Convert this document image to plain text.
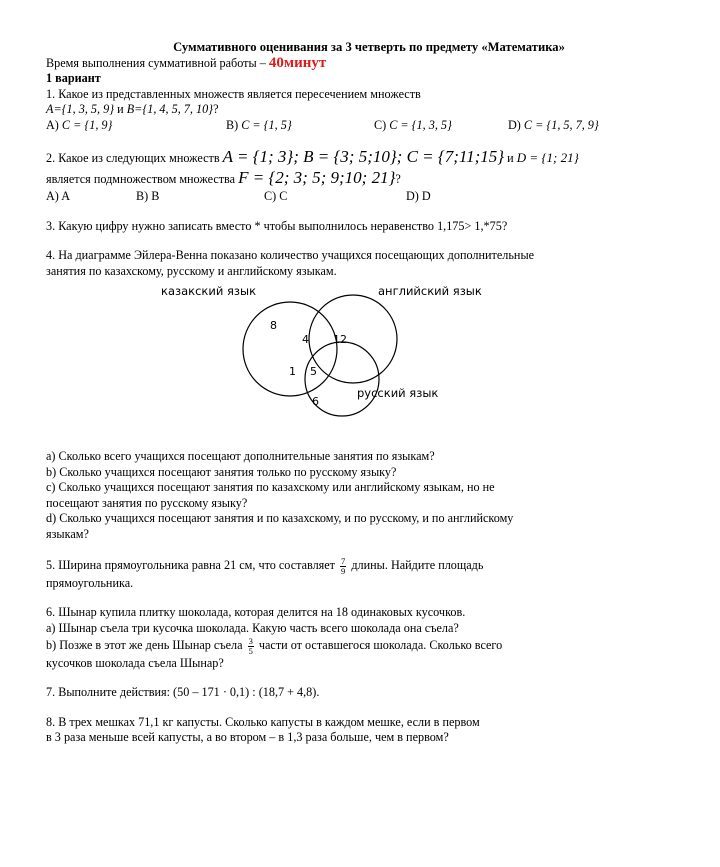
Суммативного оценивания за 3 четверть по предмету «Математика»
Время выполнения суммативной работы – 40минут
1 вариант
1. Какое из представленных множеств является пересечением множеств
A={1, 3, 5, 9} и B={1, 4, 5, 7, 10}?
A) C = {1, 9}	B) C = {1, 5}	C) C = {1, 3, 5}	D) C = {1, 5, 7, 9}
2. Какое из следующих множеств A = {1; 3}; B = {3; 5;10}; C = {7;11;15} и D = {1; 21}
является подмножеством множества F = {2; 3; 5; 9;10; 21}?
A) A	B) B	C) C	D) D
3. Какую цифру нужно записать вместо * чтобы выполнилось неравенство 1,175> 1,*75?
4. На диаграмме Эйлера-Венна показано количество учащихся посещающих дополнительные
занятия по казахскому, русскому и английскому языкам.
казакский язык	английский язык
русский язык
8
4 12
1 5
6
a) Сколько всего учащихся посещают дополнительные занятия по языкам?
b) Сколько учащихся посещают занятия только по русскому языку?
c) Сколько учащихся посещают занятия по казахскому или английскому языкам, но не
посещают занятия по русскому языку?
d) Сколько учащихся посещают занятия и по казахскому, и по русскому, и по английскому
языкам?
5. Ширина прямоугольника равна 21 см, что составляет $\frac{7}{9}$ длины. Найдите площадь
прямоугольника.
6. Шынар купила плитку шоколада, которая делится на 18 одинаковых кусочков.
a) Шынар съела три кусочка шоколада. Какую часть всего шоколада она съела?
b) Позже в этот же день Шынар съела $\frac{3}{5}$ части от оставшегося шоколада. Сколько всего
кусочков шоколада съела Шынар?
7. Выполните действия: (50 – 171 · 0,1) : (18,7 + 4,8).
8. В трех мешках 71,1 кг капусты. Сколько капусты в каждом мешке, если в первом
в 3 раза меньше всей капусты, а во втором – в 1,3 раза больше, чем в первом?
